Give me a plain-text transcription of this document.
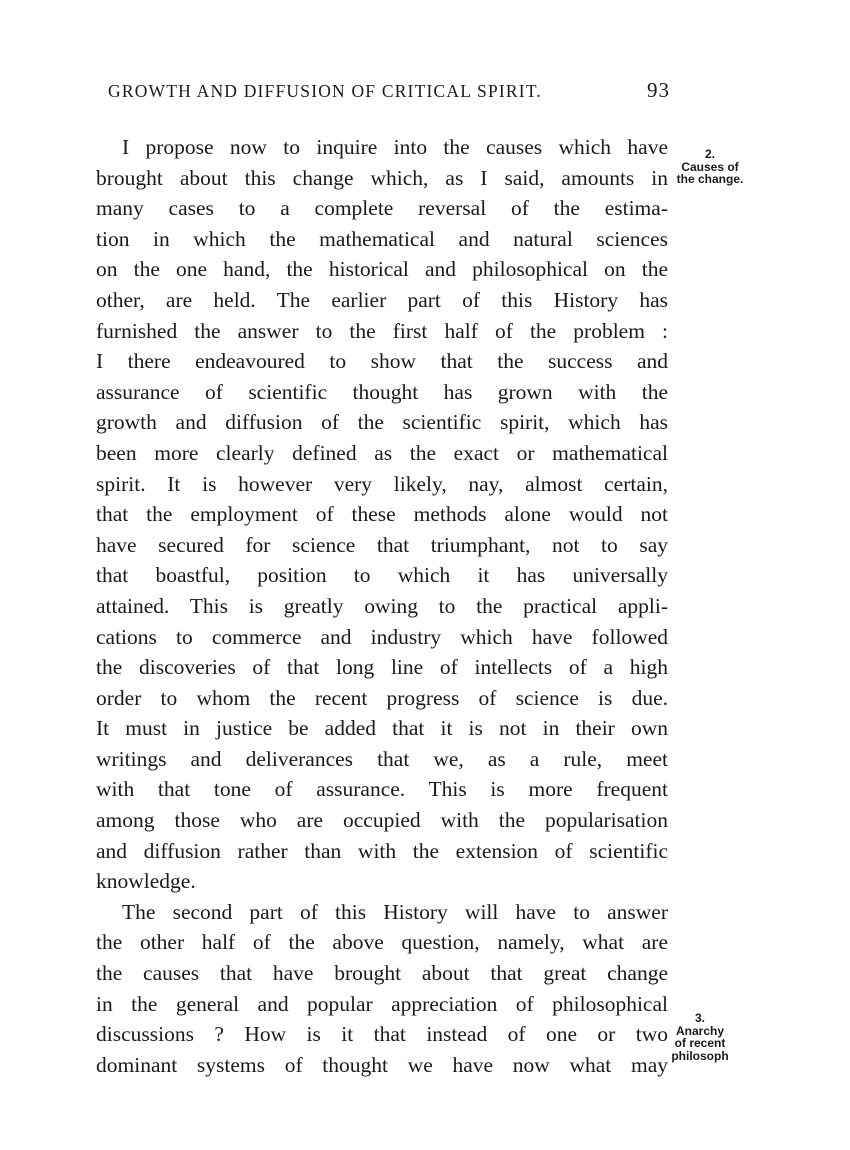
GROWTH AND DIFFUSION OF CRITICAL SPIRIT.	93
I propose now to inquire into the causes which have
brought about this change which, as I said, amounts in
many cases to a complete reversal of the estima-
tion in which the mathematical and natural sciences
on the one hand, the historical and philosophical on the
other, are held. The earlier part of this History has
furnished the answer to the first half of the problem :
I there endeavoured to show that the success and
assurance of scientific thought has grown with the
growth and diffusion of the scientific spirit, which has
been more clearly defined as the exact or mathematical
spirit. It is however very likely, nay, almost certain,
that the employment of these methods alone would not
have secured for science that triumphant, not to say
that boastful, position to which it has universally
attained. This is greatly owing to the practical appli-
cations to commerce and industry which have followed
the discoveries of that long line of intellects of a high
order to whom the recent progress of science is due.
It must in justice be added that it is not in their own
writings and deliverances that we, as a rule, meet
with that tone of assurance. This is more frequent
among those who are occupied with the popularisation
and diffusion rather than with the extension of scientific
knowledge.
The second part of this History will have to answer
the other half of the above question, namely, what are
the causes that have brought about that great change
in the general and popular appreciation of philosophical
discussions ? How is it that instead of one or two
dominant systems of thought we have now what may
2.
Causes of
the change.
3.
Anarchy
of recent
philosoph
